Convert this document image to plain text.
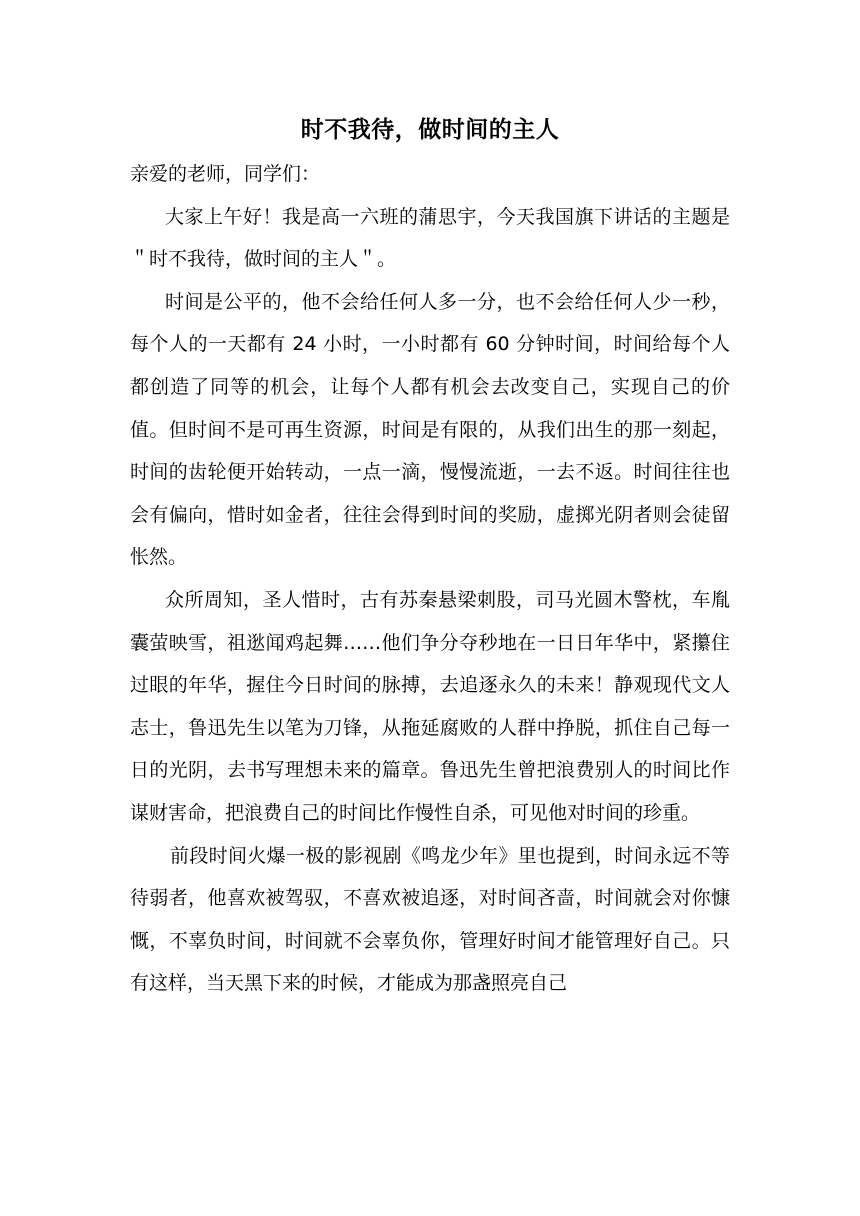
时不我待，做时间的主人

亲爱的老师，同学们：

大家上午好！我是高一六班的蒲思宇，今天我国旗下讲话的主题是＂时不我待，做时间的主人＂。

时间是公平的，他不会给任何人多一分，也不会给任何人少一秒，每个人的一天都有 24 小时，一小时都有 60 分钟时间，时间给每个人都创造了同等的机会，让每个人都有机会去改变自己，实现自己的价值。但时间不是可再生资源，时间是有限的，从我们出生的那一刻起，时间的齿轮便开始转动，一点一滴，慢慢流逝，一去不返。时间往往也会有偏向，惜时如金者，往往会得到时间的奖励，虚掷光阴者则会徒留怅然。

众所周知，圣人惜时，古有苏秦悬梁刺股，司马光圆木警枕，车胤囊萤映雪，祖逖闻鸡起舞……他们争分夺秒地在一日日年华中，紧攥住过眼的年华，握住今日时间的脉搏，去追逐永久的未来！静观现代文人志士，鲁迅先生以笔为刀锋，从拖延腐败的人群中挣脱，抓住自己每一日的光阴，去书写理想未来的篇章。鲁迅先生曾把浪费别人的时间比作谋财害命，把浪费自己的时间比作慢性自杀，可见他对时间的珍重。

前段时间火爆一极的影视剧《鸣龙少年》里也提到，时间永远不等待弱者，他喜欢被驾驭，不喜欢被追逐，对时间吝啬，时间就会对你慷慨，不辜负时间，时间就不会辜负你，管理好时间才能管理好自己。只有这样，当天黑下来的时候，才能成为那盏照亮自己
